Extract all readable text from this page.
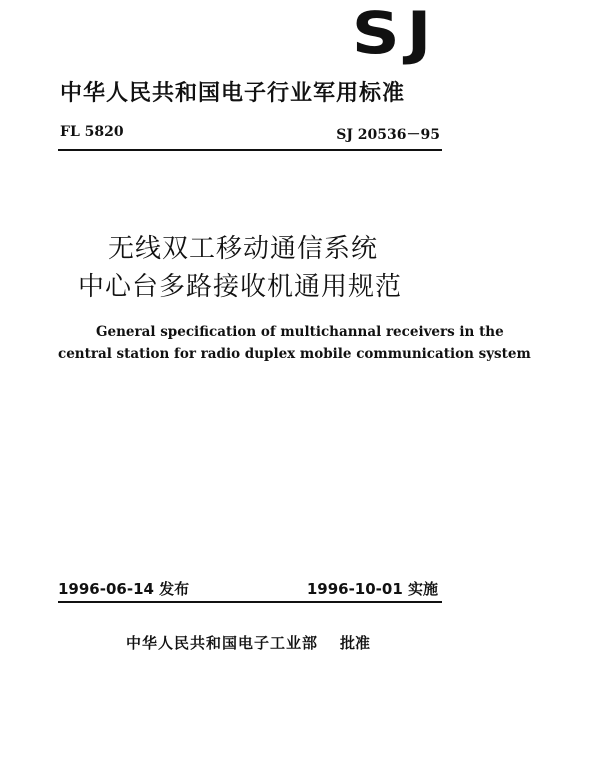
SJ
中华人民共和国电子行业军用标准
FL 5820	SJ 20536－95
无线双工移动通信系统
中心台多路接收机通用规范
General specification of multichannal receivers in the
central station for radio duplex mobile communication system
1996-06-14 发布	1996-10-01 实施
中华人民共和国电子工业部 批准
